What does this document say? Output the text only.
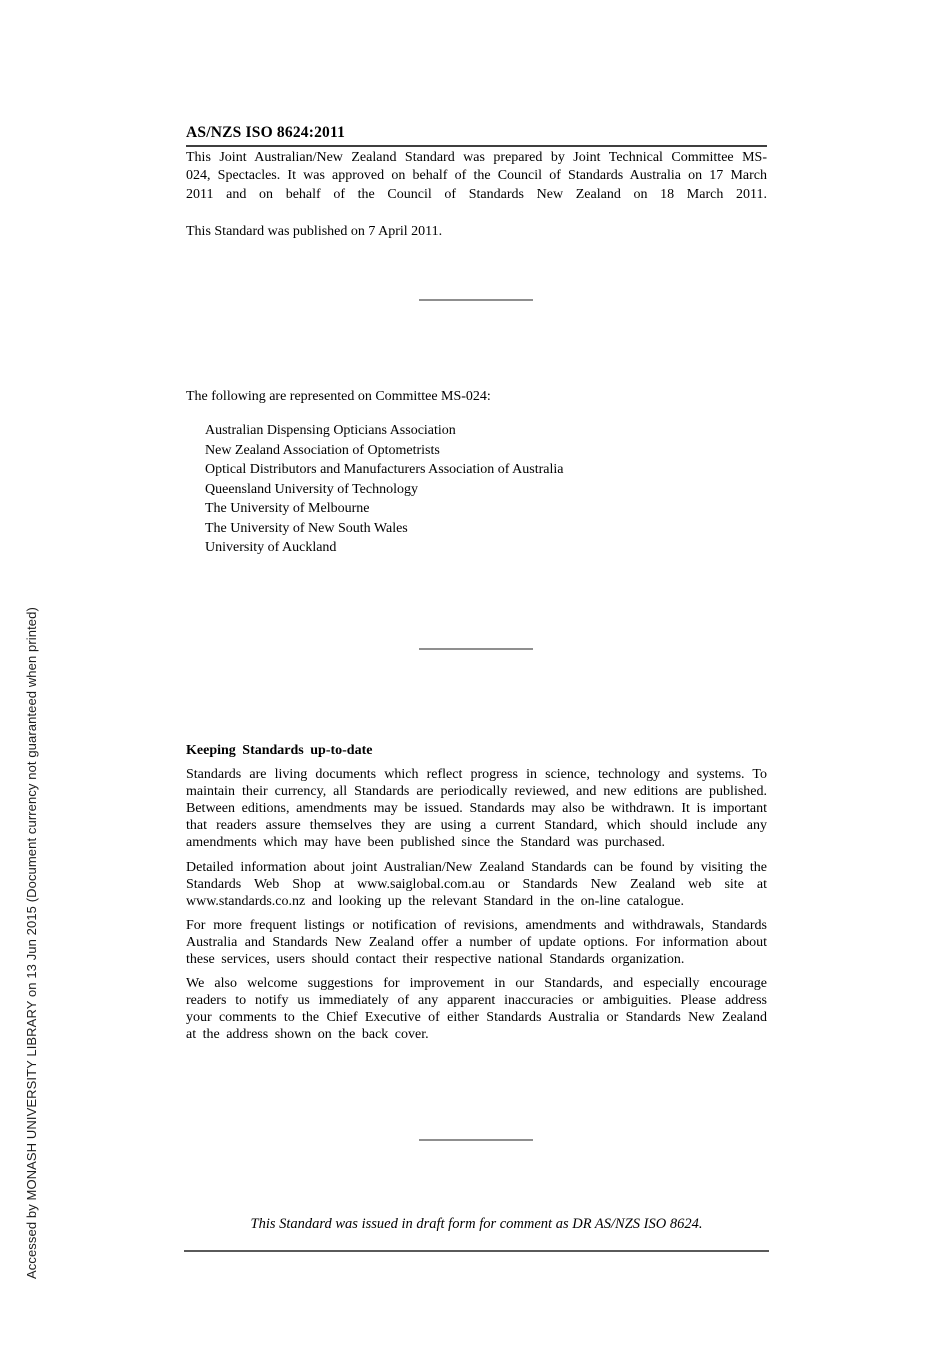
Accessed by MONASH UNIVERSITY LIBRARY on 13 Jun 2015 (Document currency not guaranteed when printed)

AS/NZS ISO 8624:2011

This Joint Australian/New Zealand Standard was prepared by Joint Technical Committee MS-024, Spectacles. It was approved on behalf of the Council of Standards Australia on 17 March 2011 and on behalf of the Council of Standards New Zealand on 18 March 2011.

This Standard was published on 7 April 2011.

The following are represented on Committee MS-024:

Australian Dispensing Opticians Association
New Zealand Association of Optometrists
Optical Distributors and Manufacturers Association of Australia
Queensland University of Technology
The University of Melbourne
The University of New South Wales
University of Auckland

Keeping Standards up-to-date

Standards are living documents which reflect progress in science, technology and systems. To maintain their currency, all Standards are periodically reviewed, and new editions are published. Between editions, amendments may be issued. Standards may also be withdrawn. It is important that readers assure themselves they are using a current Standard, which should include any amendments which may have been published since the Standard was purchased.

Detailed information about joint Australian/New Zealand Standards can be found by visiting the Standards Web Shop at www.saiglobal.com.au or Standards New Zealand web site at www.standards.co.nz and looking up the relevant Standard in the on-line catalogue.

For more frequent listings or notification of revisions, amendments and withdrawals, Standards Australia and Standards New Zealand offer a number of update options. For information about these services, users should contact their respective national Standards organization.

We also welcome suggestions for improvement in our Standards, and especially encourage readers to notify us immediately of any apparent inaccuracies or ambiguities. Please address your comments to the Chief Executive of either Standards Australia or Standards New Zealand at the address shown on the back cover.

This Standard was issued in draft form for comment as DR AS/NZS ISO 8624.
